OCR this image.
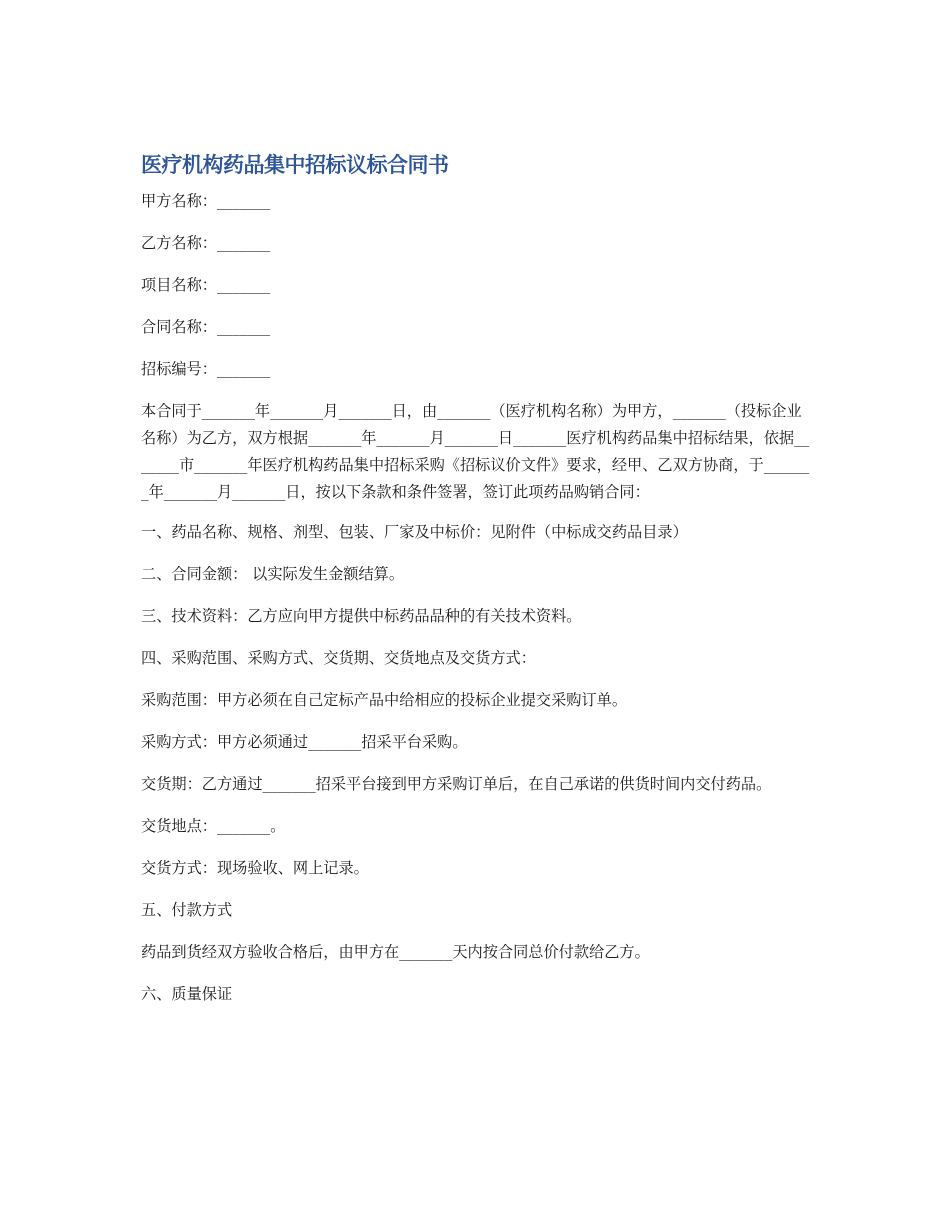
医疗机构药品集中招标议标合同书

甲方名称：_______

乙方名称：_______

项目名称：_______

合同名称：_______

招标编号：_______

本合同于_______年_______月_______日，由_______（医疗机构名称）为甲方，_______（投标企业名称）为乙方，双方根据_______年_______月_______日_______医疗机构药品集中招标结果，依据_______市_______年医疗机构药品集中招标采购《招标议价文件》要求，经甲、乙双方协商，于_______年_______月_______日，按以下条款和条件签署，签订此项药品购销合同：

一、药品名称、规格、剂型、包装、厂家及中标价：见附件（中标成交药品目录）

二、合同金额： 以实际发生金额结算。

三、技术资料：乙方应向甲方提供中标药品品种的有关技术资料。

四、采购范围、采购方式、交货期、交货地点及交货方式：

采购范围：甲方必须在自己定标产品中给相应的投标企业提交采购订单。

采购方式：甲方必须通过_______招采平台采购。

交货期：乙方通过_______招采平台接到甲方采购订单后，在自己承诺的供货时间内交付药品。

交货地点：_______。

交货方式：现场验收、网上记录。

五、付款方式

药品到货经双方验收合格后，由甲方在_______天内按合同总价付款给乙方。

六、质量保证
